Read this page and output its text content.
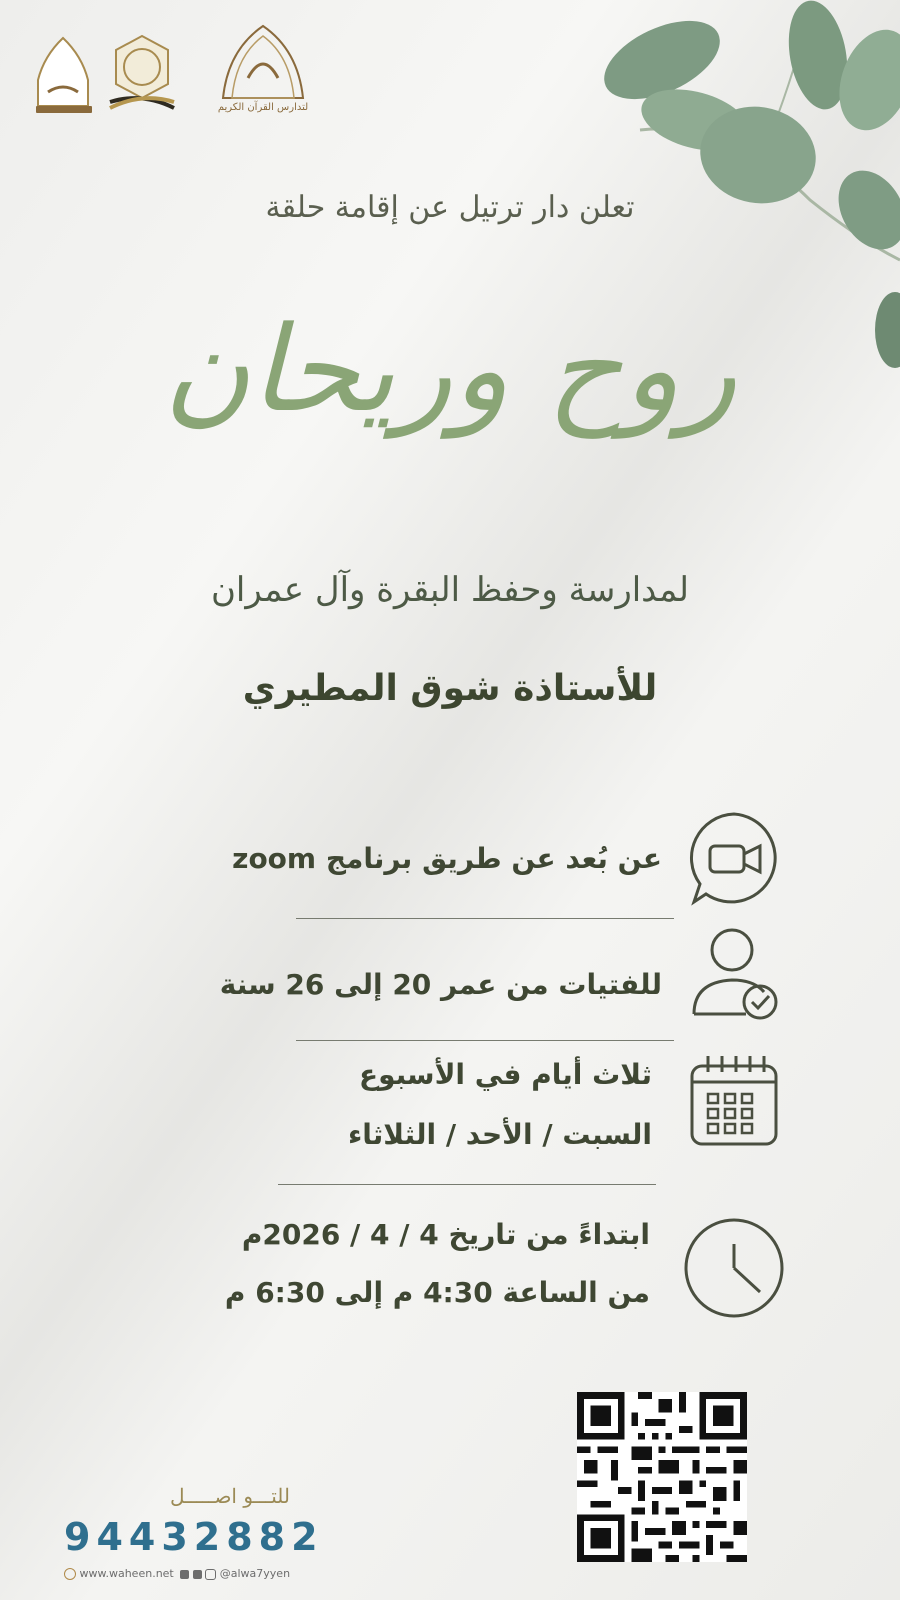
لتدارس القرآن الكريم
تعلن دار ترتيل عن إقامة حلقة
روح وريحان
لمدارسة وحفظ البقرة وآل عمران
للأستاذة شوق المطيري
عن بُعد عن طريق برنامج zoom
للفتيات من عمر 20 إلى 26 سنة
ثلاث أيام في الأسبوع
السبت / الأحد / الثلاثاء
ابتداءً من تاريخ 4 / 4 / 2026م
من الساعة 4:30 م إلى 6:30 م
للتـــو اصـــــل
94432882
www.waheen.net	@alwa7yyen
